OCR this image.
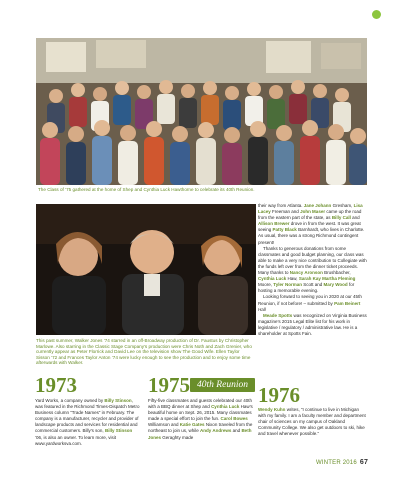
The Class of ’75 gathered at the home of Shep and Cynthia Luck Hawthorne to celebrate its 40th Reunion.
This past summer, Walker Jones ’74 starred in an off-Broadway production of Dr. Faustus by Christopher Marlowe. Also starring in the Classic Stage Company’s production were Chris Noth and Zach Grenier, who currently appear as Peter Florrick and David Lee on the television show The Good Wife. Ellen Taylor Sisson ’72 and Frances Taylor Anton ’74 were lucky enough to see the production and to enjoy some time afterwards with Walker.

their way from Atlanta. Jane Johann Gresham, Lisa Lacey Freeman and John Maser came up the road from the eastern part of the state, as Billy Call and Allison Brewer drove in from the west. It was great seeing Patty Black Barnhardt, who lives in Charlotte. As usual, there was a strong Richmond contingent present!

Thanks to generous donations from some classmates and good budget planning, our class was able to make a very nice contribution to Collegiate with the funds left over from the dinner ticket proceeds. Many thanks to Nancy Aronson Brushbacher, Cynthia Luck Haw, Sarah Kay Martha Fleming Moore, Tyler Norman Scott and Mary Wood for hosting a memorable evening.

Looking forward to seeing you in 2020 at our 45th Reunion, if not before! – submitted by Pam Beinert Hall

Meade Spotts was recognized on Virginia Business magazine’s 2015 Legal Elite list for his work in legislative / regulatory / administrative law. He is a shareholder at Spotts Fain.

1973	1975 40th Reunion 1976
Yard Works, a company owned by Billy Stinson, was featured in the Richmond Times-Dispatch Metro Business column “Trade Names” in February. The company is a manufacturer, recycler and provider of landscape products and services for residential and commercial customers. Billy’s son, Billy Stinson ’06, is also an owner. To learn more, visit www.yardworksva.com.
Fifty-five classmates and guests celebrated our 40th with a BBQ dinner at Shep and Cynthia Luck Haw’s beautiful home on Sept. 26, 2015. Many classmates made a special effort to join the fun. Carol Bowes Williamson and Katie Gates Nixon traveled from the northeast to join us, while Andy Andrews and Beth Jones Geraghty made
Wendy Kuhn writes, “I continue to live in Michigan with my family. I am a faculty member and department chair of sciences on my campus of Oakland Community College. We also get outdoors to ski, hike and travel whenever possible.”
WINTER 2016 67
